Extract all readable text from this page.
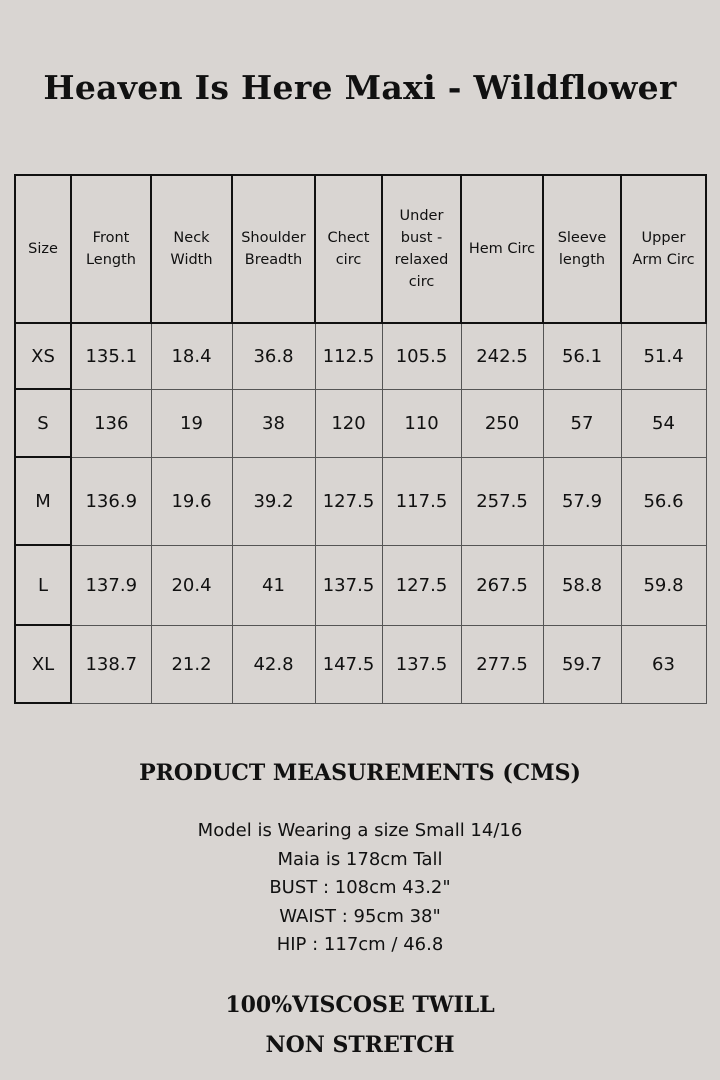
Heaven Is Here Maxi - Wildflower
Size	Front Length	Neck Width	Shoulder Breadth	Chect circ	Under bust - relaxed circ	Hem Circ	Sleeve length	Upper Arm Circ
XS	135.1	18.4	36.8	112.5	105.5	242.5	56.1	51.4
S	136	19	38	120	110	250	57	54
M	136.9	19.6	39.2	127.5	117.5	257.5	57.9	56.6
L	137.9	20.4	41	137.5	127.5	267.5	58.8	59.8
XL	138.7	21.2	42.8	147.5	137.5	277.5	59.7	63
PRODUCT MEASUREMENTS (CMS)
Model is Wearing a size Small 14/16
Maia is 178cm Tall
BUST : 108cm 43.2"
WAIST : 95cm 38"
HIP : 117cm / 46.8
100%VISCOSE TWILL
NON STRETCH
